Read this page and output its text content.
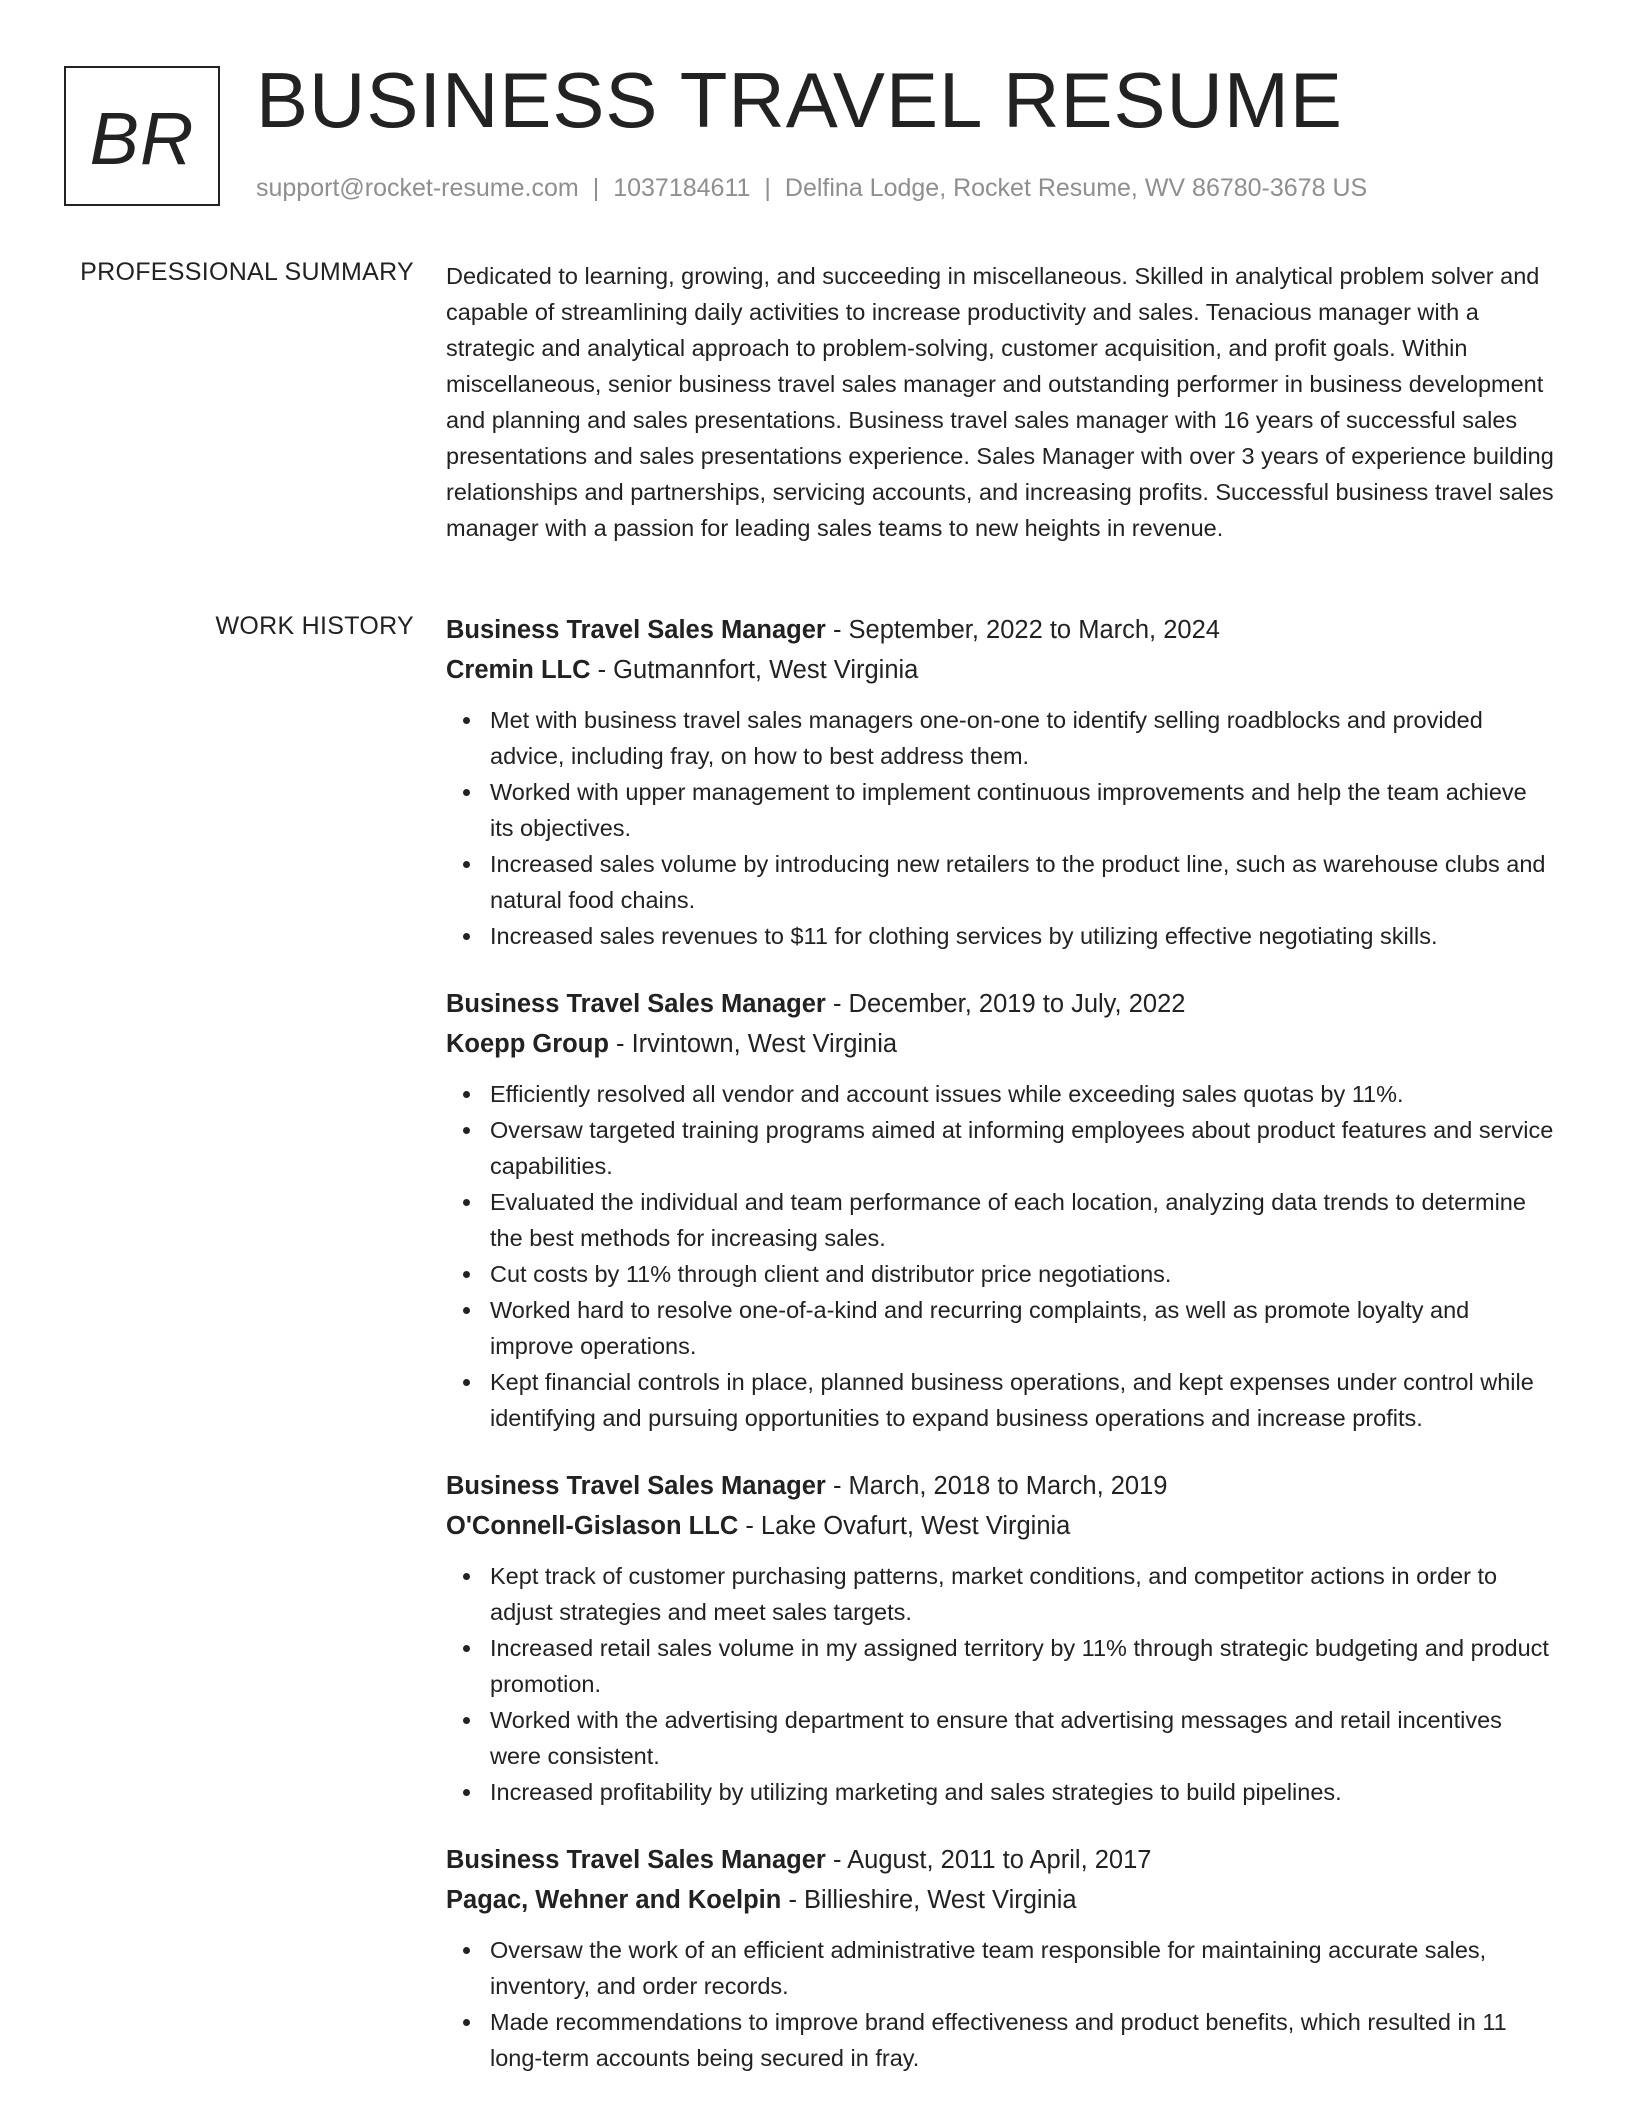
BR BUSINESS TRAVEL RESUME
support@rocket-resume.com | 1037184611 | Delfina Lodge, Rocket Resume, WV 86780-3678 US
PROFESSIONAL SUMMARY Dedicated to learning, growing, and succeeding in miscellaneous. Skilled in analytical problem solver and capable of streamlining daily activities to increase productivity and sales. Tenacious manager with a strategic and analytical approach to problem-solving, customer acquisition, and profit goals. Within miscellaneous, senior business travel sales manager and outstanding performer in business development and planning and sales presentations. Business travel sales manager with 16 years of successful sales presentations and sales presentations experience. Sales Manager with over 3 years of experience building relationships and partnerships, servicing accounts, and increasing profits. Successful business travel sales manager with a passion for leading sales teams to new heights in revenue.

WORK HISTORY Business Travel Sales Manager - September, 2022 to March, 2024
Cremin LLC - Gutmannfort, West Virginia
Met with business travel sales managers one-on-one to identify selling roadblocks and provided advice, including fray, on how to best address them.
Worked with upper management to implement continuous improvements and help the team achieve its objectives.
Increased sales volume by introducing new retailers to the product line, such as warehouse clubs and natural food chains.
Increased sales revenues to $11 for clothing services by utilizing effective negotiating skills.
Business Travel Sales Manager - December, 2019 to July, 2022
Koepp Group - Irvintown, West Virginia
Efficiently resolved all vendor and account issues while exceeding sales quotas by 11%.
Oversaw targeted training programs aimed at informing employees about product features and service capabilities.
Evaluated the individual and team performance of each location, analyzing data trends to determine the best methods for increasing sales.
Cut costs by 11% through client and distributor price negotiations.
Worked hard to resolve one-of-a-kind and recurring complaints, as well as promote loyalty and improve operations.
Kept financial controls in place, planned business operations, and kept expenses under control while identifying and pursuing opportunities to expand business operations and increase profits.
Business Travel Sales Manager - March, 2018 to March, 2019
O'Connell-Gislason LLC - Lake Ovafurt, West Virginia
Kept track of customer purchasing patterns, market conditions, and competitor actions in order to adjust strategies and meet sales targets.
Increased retail sales volume in my assigned territory by 11% through strategic budgeting and product promotion.
Worked with the advertising department to ensure that advertising messages and retail incentives were consistent.
Increased profitability by utilizing marketing and sales strategies to build pipelines.
Business Travel Sales Manager - August, 2011 to April, 2017
Pagac, Wehner and Koelpin - Billieshire, West Virginia
Oversaw the work of an efficient administrative team responsible for maintaining accurate sales, inventory, and order records.
Made recommendations to improve brand effectiveness and product benefits, which resulted in 11 long-term accounts being secured in fray.
